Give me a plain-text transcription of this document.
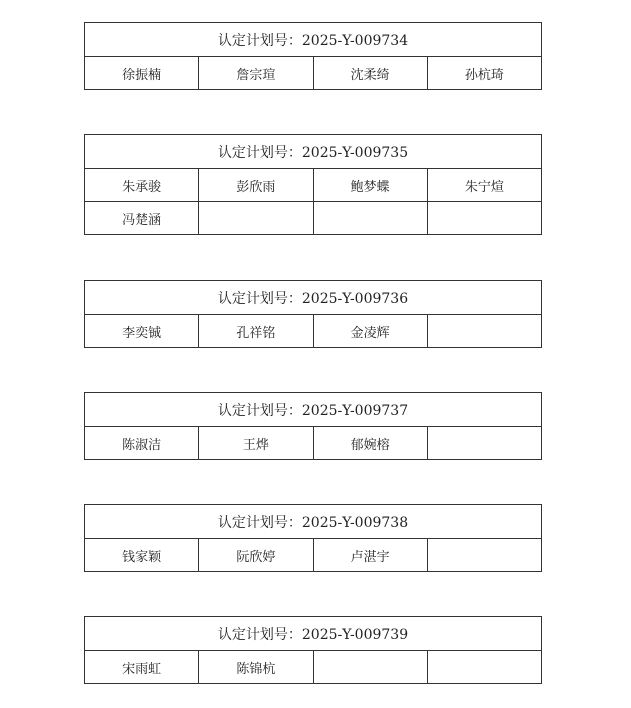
认定计划号：2025-Y-009734
徐振楠	詹宗瑄	沈柔绮	孙杭琦
认定计划号：2025-Y-009735			
朱承骏	彭欣雨	鲍梦蝶	朱宁煊
冯楚涵			
认定计划号：2025-Y-009736
李奕铖	孔祥铭	金凌辉	
认定计划号：2025-Y-009737
陈淑洁	王烨	郁婉榕	
认定计划号：2025-Y-009738
钱家颖	阮欣婷	卢湛宇	
认定计划号：2025-Y-009739
宋雨虹	陈锦杭		
